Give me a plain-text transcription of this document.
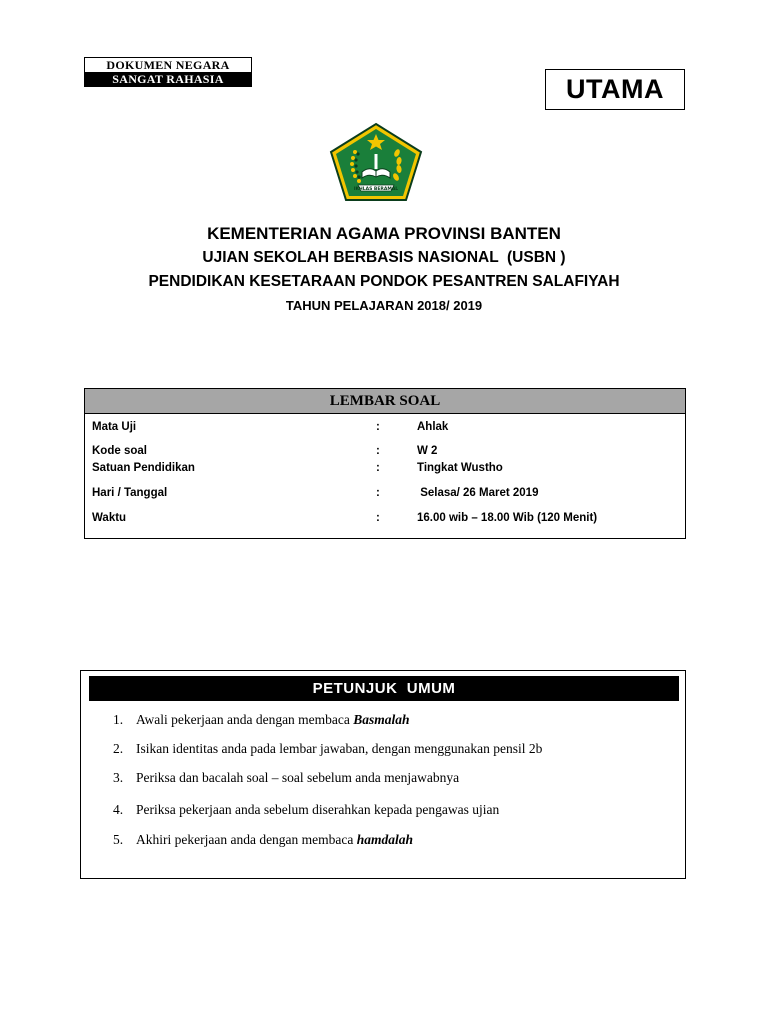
DOKUMEN NEGARA
SANGAT RAHASIA	UTAMA
IKHLAS BERAMAL
KEMENTERIAN AGAMA PROVINSI BANTEN
UJIAN SEKOLAH BERBASIS NASIONAL  (USBN )
PENDIDIKAN KESETARAAN PONDOK PESANTREN SALAFIYAH
TAHUN PELAJARAN 2018/ 2019
LEMBAR SOAL
Mata Uji	:	Ahlak
Kode soal	:	W 2
Satuan Pendidikan	:	Tingkat Wustho
Hari / Tanggal	:	Selasa/ 26 Maret 2019
Waktu	:	16.00 wib – 18.00 Wib (120 Menit)
PETUNJUK  UMUM
1. Awali pekerjaan anda dengan membaca Basmalah
2. Isikan identitas anda pada lembar jawaban, dengan menggunakan pensil 2b
3. Periksa dan bacalah soal – soal sebelum anda menjawabnya
4. Periksa pekerjaan anda sebelum diserahkan kepada pengawas ujian
5. Akhiri pekerjaan anda dengan membaca hamdalah
